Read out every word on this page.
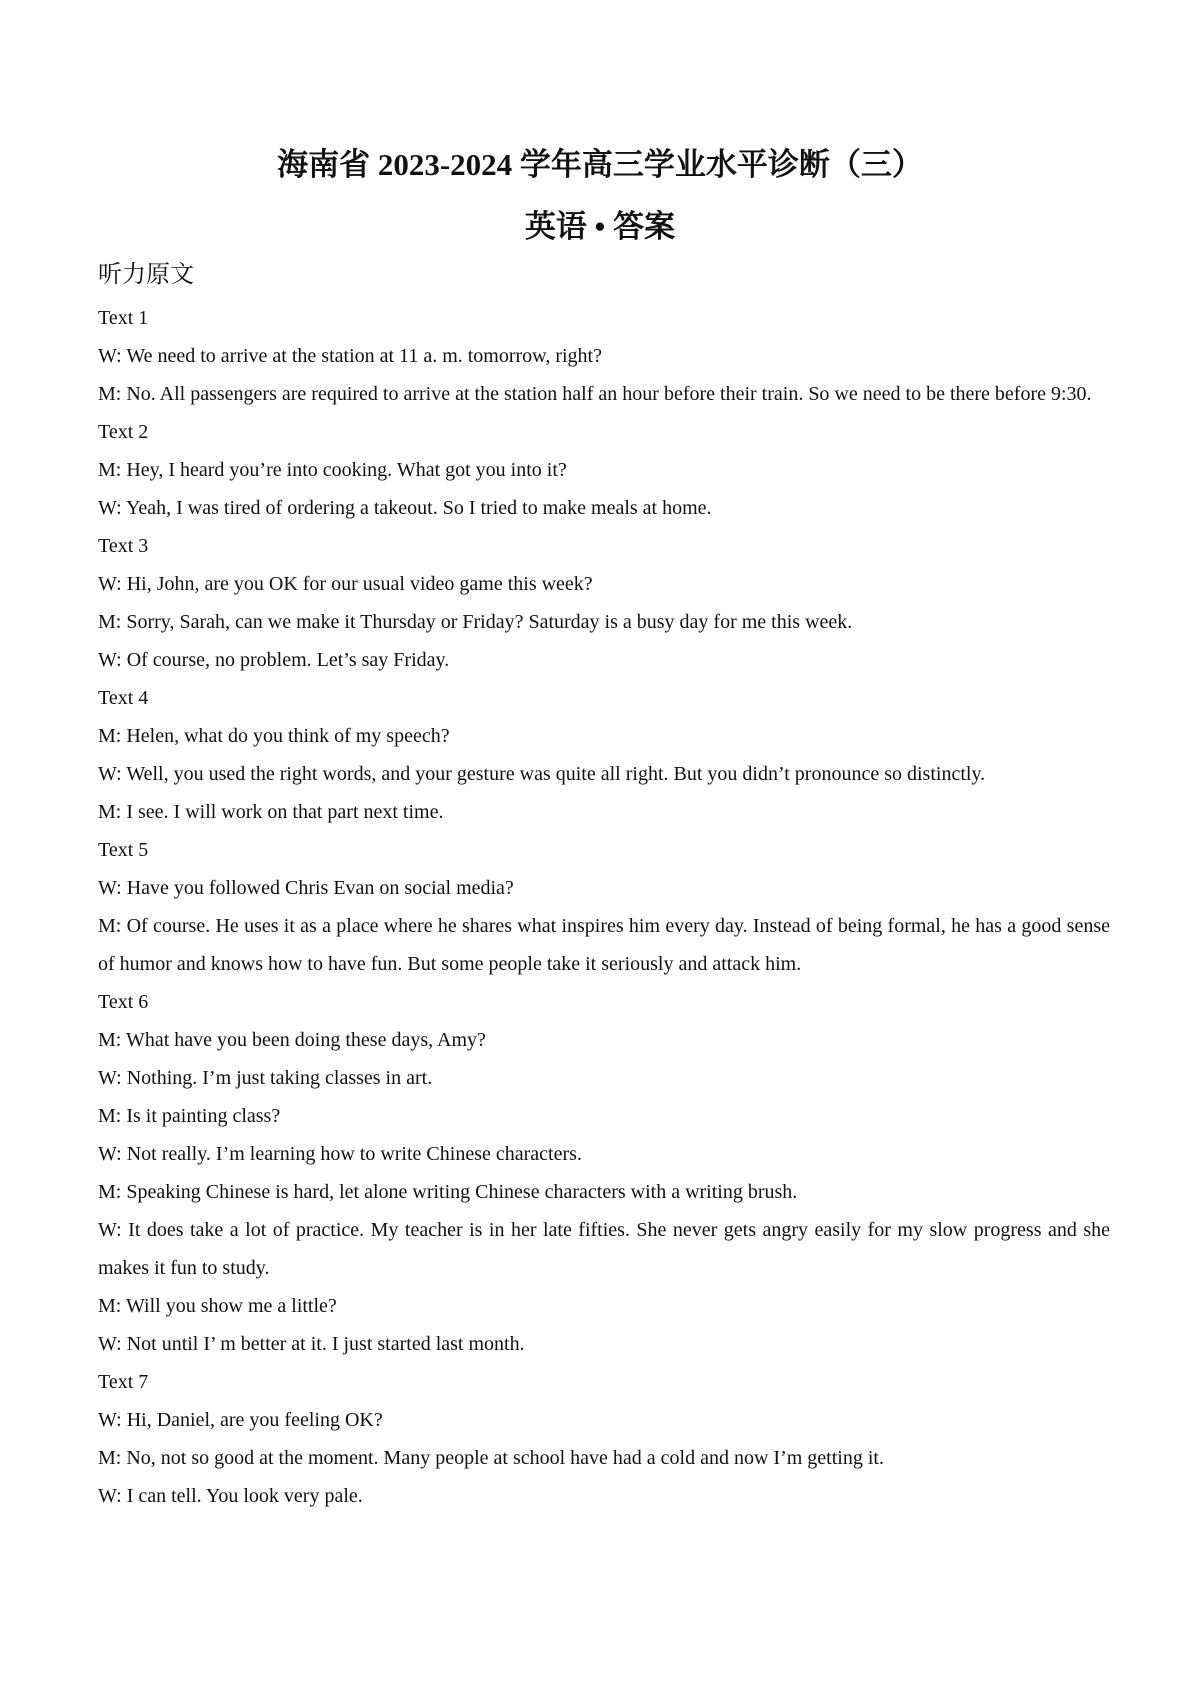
海南省 2023-2024 学年高三学业水平诊断（三）
英语 • 答案
听力原文
Text 1
W: We need to arrive at the station at 11 a. m. tomorrow, right?
M: No. All passengers are required to arrive at the station half an hour before their train. So we need to be there before 9:30.
Text 2
M: Hey, I heard you’re into cooking. What got you into it?
W: Yeah, I was tired of ordering a takeout. So I tried to make meals at home.
Text 3
W: Hi, John, are you OK for our usual video game this week?
M: Sorry, Sarah, can we make it Thursday or Friday? Saturday is a busy day for me this week.
W: Of course, no problem. Let’s say Friday.
Text 4
M: Helen, what do you think of my speech?
W: Well, you used the right words, and your gesture was quite all right. But you didn’t pronounce so distinctly.
M: I see. I will work on that part next time.
Text 5
W: Have you followed Chris Evan on social media?
M: Of course. He uses it as a place where he shares what inspires him every day. Instead of being formal, he has a good sense of humor and knows how to have fun. But some people take it seriously and attack him.
Text 6
M: What have you been doing these days, Amy?
W: Nothing. I’m just taking classes in art.
M: Is it painting class?
W: Not really. I’m learning how to write Chinese characters.
M: Speaking Chinese is hard, let alone writing Chinese characters with a writing brush.
W: It does take a lot of practice. My teacher is in her late fifties. She never gets angry easily for my slow progress and she makes it fun to study.
M: Will you show me a little?
W: Not until I’ m better at it. I just started last month.
Text 7
W: Hi, Daniel, are you feeling OK?
M: No, not so good at the moment. Many people at school have had a cold and now I’m getting it.
W: I can tell. You look very pale.
